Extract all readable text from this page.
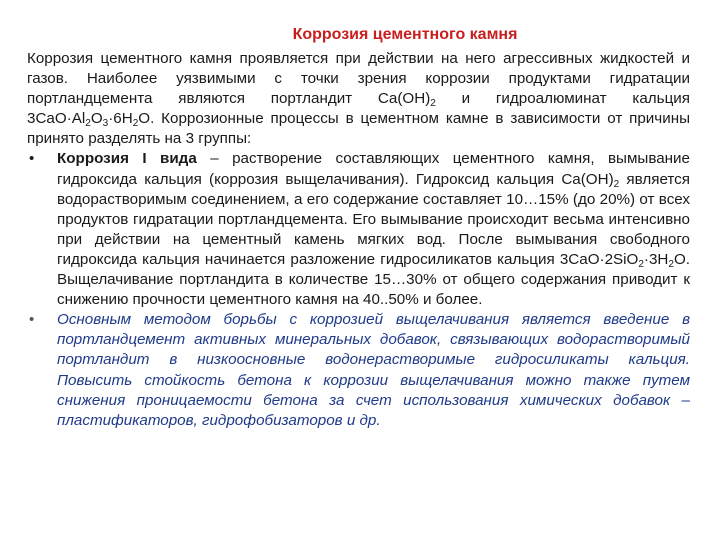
Коррозия цементного камня

Коррозия цементного камня проявляется при действии на него агрессивных жидкостей и газов. Наиболее уязвимыми с точки зрения коррозии продуктами гидратации портландцемента являются портландит $Ca(OH)_2$ и гидроалюминат кальция $3CaO\cdot Al_2O_3\cdot 6H_2O$. Коррозионные процессы в цементном камне в зависимости от причины принято разделять на 3 группы:

• Коррозия I вида – растворение составляющих цементного камня, вымывание гидроксида кальция (коррозия выщелачивания). Гидроксид кальция $Ca(OH)_2$ является водорастворимым соединением, а его содержание составляет 10…15% (до 20%) от всех продуктов гидратации портландцемента. Его вымывание происходит весьма интенсивно при действии на цементный камень мягких вод. После вымывания свободного гидроксида кальция начинается разложение гидросиликатов кальция $3CaO\cdot 2SiO_2\cdot 3H_2O$. Выщелачивание портландита в количестве 15…30% от общего содержания приводит к снижению прочности цементного камня на 40..50% и более.
• Основным методом борьбы с коррозией выщелачивания является введение в портландцемент активных минеральных добавок, связывающих водорастворимый портландит в низкоосновные водонерастворимые гидросиликаты кальция. Повысить стойкость бетона к коррозии выщелачивания можно также путем снижения проницаемости бетона за счет использования химических добавок – пластификаторов, гидрофобизаторов и др.
